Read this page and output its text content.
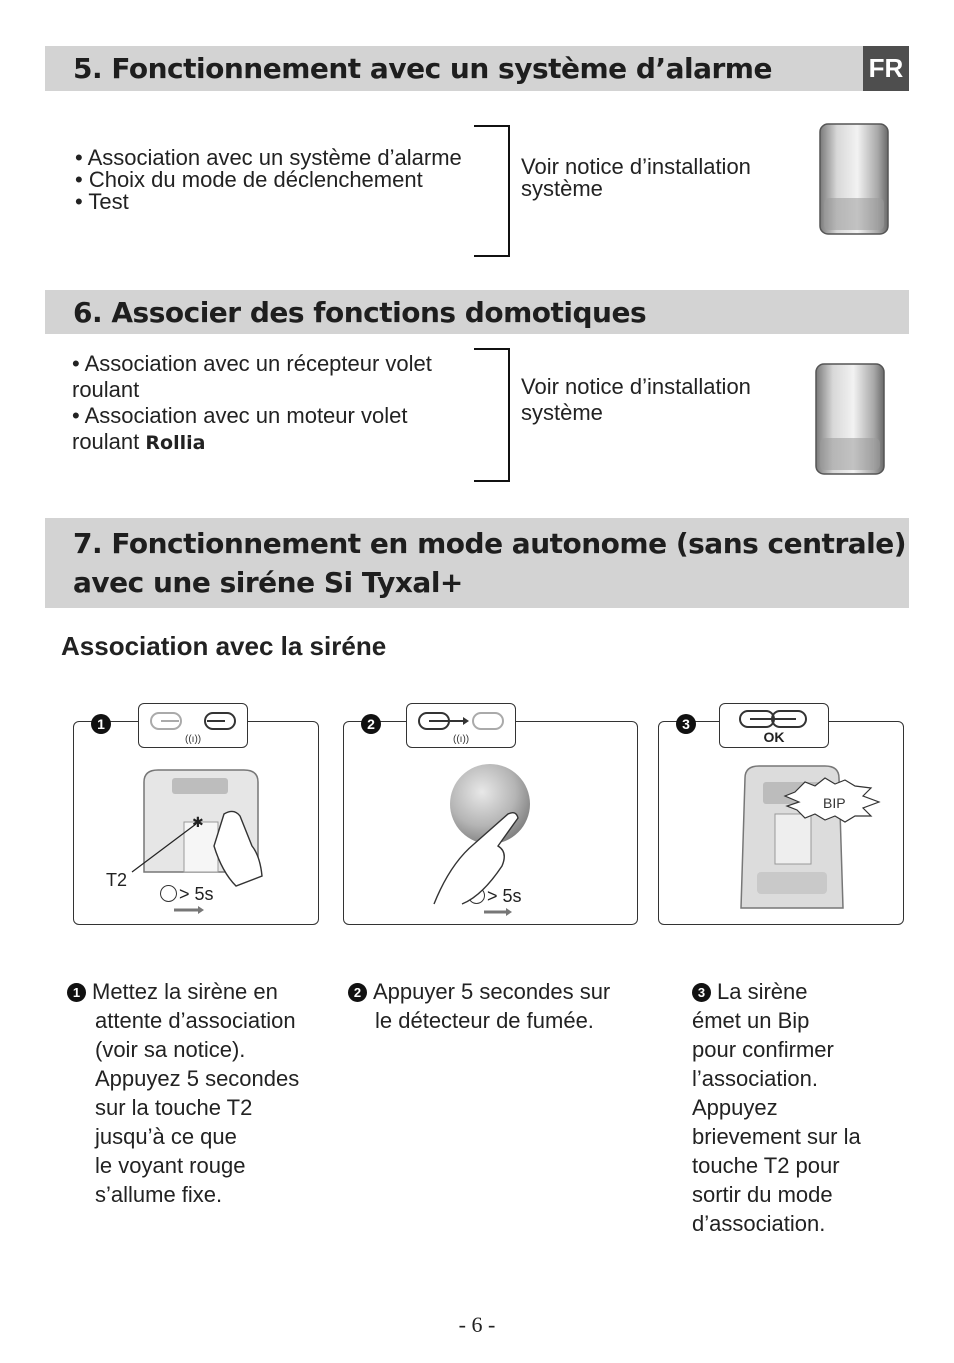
5. Fonctionnement avec un système d’alarme	FR
• Association avec un système d’alarme
• Choix du mode de déclenchement
• Test
Voir notice d’installation
système
6. Associer des fonctions domotiques
• Association avec un récepteur volet
roulant
• Association avec un moteur volet
roulant Rollia
Voir notice d’installation
système
7. Fonctionnement en mode autonome (sans centrale)
avec une siréne Si Tyxal+
Association avec la siréne
T2
> 5s
✱
((ı))
1
> 5s
((ı))
2
BIP
OK
3
1 Mettez la sirène en
attente d’association
(voir sa notice).
Appuyez 5 secondes
sur la touche T2
jusqu’à ce que
le voyant rouge
s’allume fixe.
2 Appuyer 5 secondes sur
le détecteur de fumée.
3 La sirène
émet un Bip
pour confirmer
l’association.
Appuyez
brievement sur la
touche T2 pour
sortir du mode
d’association.
- 6 -
